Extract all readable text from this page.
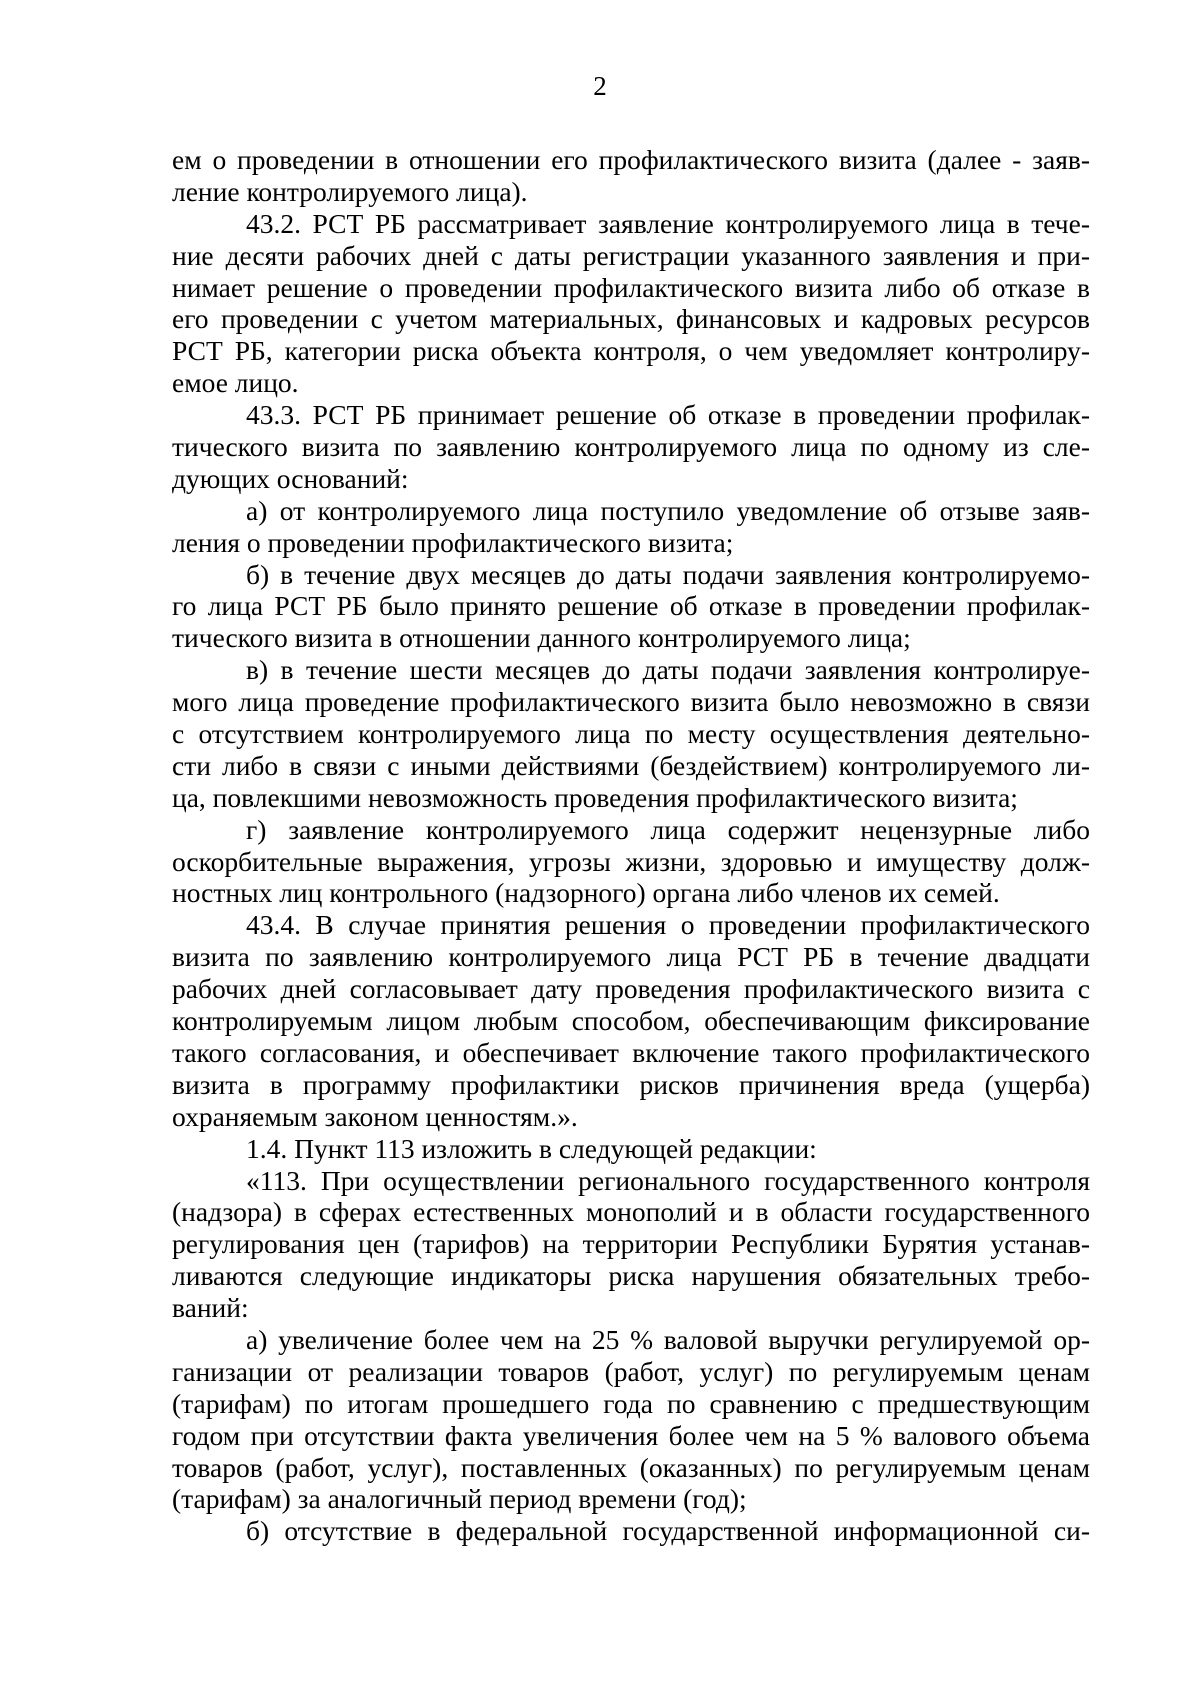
2
ем о проведении в отношении его профилактического визита (далее - заяв-
ление контролируемого лица).
43.2. РСТ РБ рассматривает заявление контролируемого лица в тече-
ние десяти рабочих дней с даты регистрации указанного заявления и при-
нимает решение о проведении профилактического визита либо об отказе в
его проведении с учетом материальных, финансовых и кадровых ресурсов
РСТ РБ, категории риска объекта контроля, о чем уведомляет контролиру-
емое лицо.
43.3. РСТ РБ принимает решение об отказе в проведении профилак-
тического визита по заявлению контролируемого лица по одному из сле-
дующих оснований:
а) от контролируемого лица поступило уведомление об отзыве заяв-
ления о проведении профилактического визита;
б) в течение двух месяцев до даты подачи заявления контролируемо-
го лица РСТ РБ было принято решение об отказе в проведении профилак-
тического визита в отношении данного контролируемого лица;
в) в течение шести месяцев до даты подачи заявления контролируе-
мого лица проведение профилактического визита было невозможно в связи
с отсутствием контролируемого лица по месту осуществления деятельно-
сти либо в связи с иными действиями (бездействием) контролируемого ли-
ца, повлекшими невозможность проведения профилактического визита;
г) заявление контролируемого лица содержит нецензурные либо
оскорбительные выражения, угрозы жизни, здоровью и имуществу долж-
ностных лиц контрольного (надзорного) органа либо членов их семей.
43.4. В случае принятия решения о проведении профилактического
визита по заявлению контролируемого лица РСТ РБ в течение двадцати
рабочих дней согласовывает дату проведения профилактического визита с
контролируемым лицом любым способом, обеспечивающим фиксирование
такого согласования, и обеспечивает включение такого профилактического
визита в программу профилактики рисков причинения вреда (ущерба)
охраняемым законом ценностям.».
1.4. Пункт 113 изложить в следующей редакции:
«113. При осуществлении регионального государственного контроля
(надзора) в сферах естественных монополий и в области государственного
регулирования цен (тарифов) на территории Республики Бурятия устанав-
ливаются следующие индикаторы риска нарушения обязательных требо-
ваний:
а) увеличение более чем на 25 % валовой выручки регулируемой ор-
ганизации от реализации товаров (работ, услуг) по регулируемым ценам
(тарифам) по итогам прошедшего года по сравнению с предшествующим
годом при отсутствии факта увеличения более чем на 5 % валового объема
товаров (работ, услуг), поставленных (оказанных) по регулируемым ценам
(тарифам) за аналогичный период времени (год);
б) отсутствие в федеральной государственной информационной си-
